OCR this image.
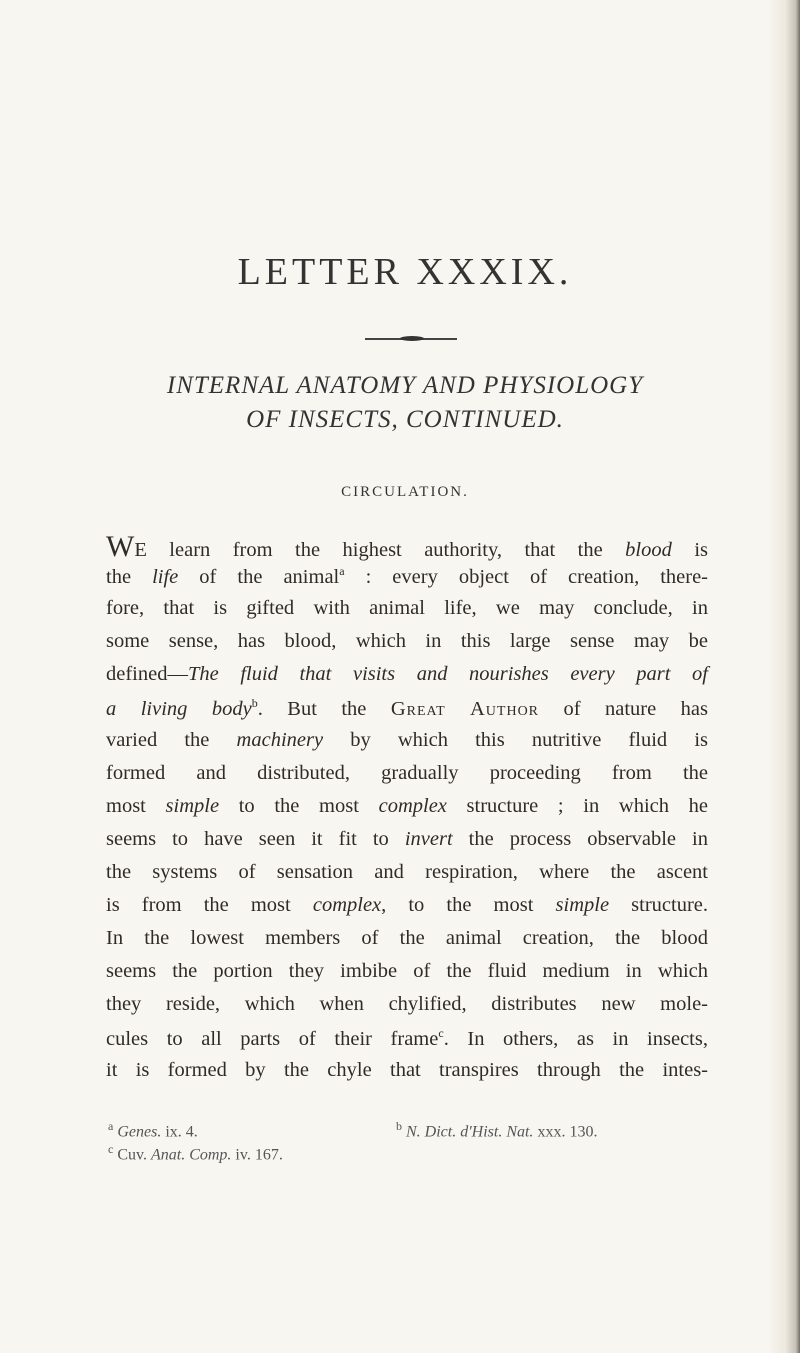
LETTER XXXIX.
INTERNAL ANATOMY AND PHYSIOLOGY
OF INSECTS, CONTINUED.
CIRCULATION.
WE learn from the highest authority, that the blood is
the life of the animal$^a$ : every object of creation, there-
fore, that is gifted with animal life, we may conclude, in
some sense, has blood, which in this large sense may be
defined—The fluid that visits and nourishes every part of
a living body$^b$. But the Great Author of nature has
varied the machinery by which this nutritive fluid is
formed and distributed, gradually proceeding from the
most simple to the most complex structure ; in which he
seems to have seen it fit to invert the process observable in
the systems of sensation and respiration, where the ascent
is from the most complex, to the most simple structure.
In the lowest members of the animal creation, the blood
seems the portion they imbibe of the fluid medium in which
they reside, which when chylified, distributes new mole-
cules to all parts of their frame$^c$. In others, as in insects,
it is formed by the chyle that transpires through the intes-
$^a$ Genes. ix. 4.	$^b$ N. Dict. d'Hist. Nat. xxx. 130.
$^c$ Cuv. Anat. Comp. iv. 167.
